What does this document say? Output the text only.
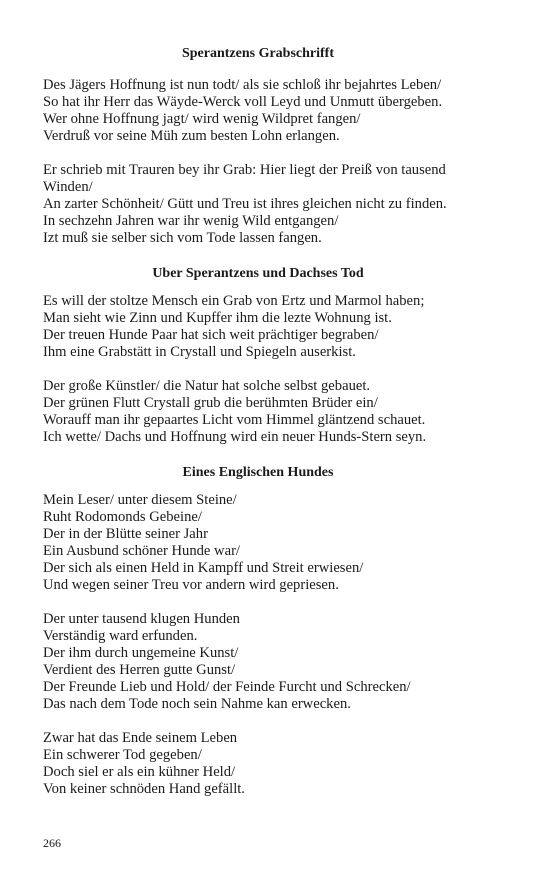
Sperantzens Grabschrifft
Des Jägers Hoffnung ist nun todt/ als sie schloß ihr bejahrtes Leben/
So hat ihr Herr das Wäyde-Werck voll Leyd und Unmutt übergeben.
Wer ohne Hoffnung jagt/ wird wenig Wildpret fangen/
Verdruß vor seine Müh zum besten Lohn erlangen.
Er schrieb mit Trauren bey ihr Grab: Hier liegt der Preiß von tausend
Winden/
An zarter Schönheit/ Gütt und Treu ist ihres gleichen nicht zu finden.
In sechzehn Jahren war ihr wenig Wild entgangen/
Izt muß sie selber sich vom Tode lassen fangen.
Uber Sperantzens und Dachses Tod
Es will der stoltze Mensch ein Grab von Ertz und Marmol haben;
Man sieht wie Zinn und Kupffer ihm die lezte Wohnung ist.
Der treuen Hunde Paar hat sich weit prächtiger begraben/
Ihm eine Grabstätt in Crystall und Spiegeln auserkist.
Der große Künstler/ die Natur hat solche selbst gebauet.
Der grünen Flutt Crystall grub die berühmten Brüder ein/
Worauff man ihr gepaartes Licht vom Himmel gläntzend schauet.
Ich wette/ Dachs und Hoffnung wird ein neuer Hunds-Stern seyn.
Eines Englischen Hundes
Mein Leser/ unter diesem Steine/
Ruht Rodomonds Gebeine/
Der in der Blütte seiner Jahr
Ein Ausbund schöner Hunde war/
Der sich als einen Held in Kampff und Streit erwiesen/
Und wegen seiner Treu vor andern wird gepriesen.
Der unter tausend klugen Hunden
Verständig ward erfunden.
Der ihm durch ungemeine Kunst/
Verdient des Herren gutte Gunst/
Der Freunde Lieb und Hold/ der Feinde Furcht und Schrecken/
Das nach dem Tode noch sein Nahme kan erwecken.
Zwar hat das Ende seinem Leben
Ein schwerer Tod gegeben/
Doch siel er als ein kühner Held/
Von keiner schnöden Hand gefällt.
266
